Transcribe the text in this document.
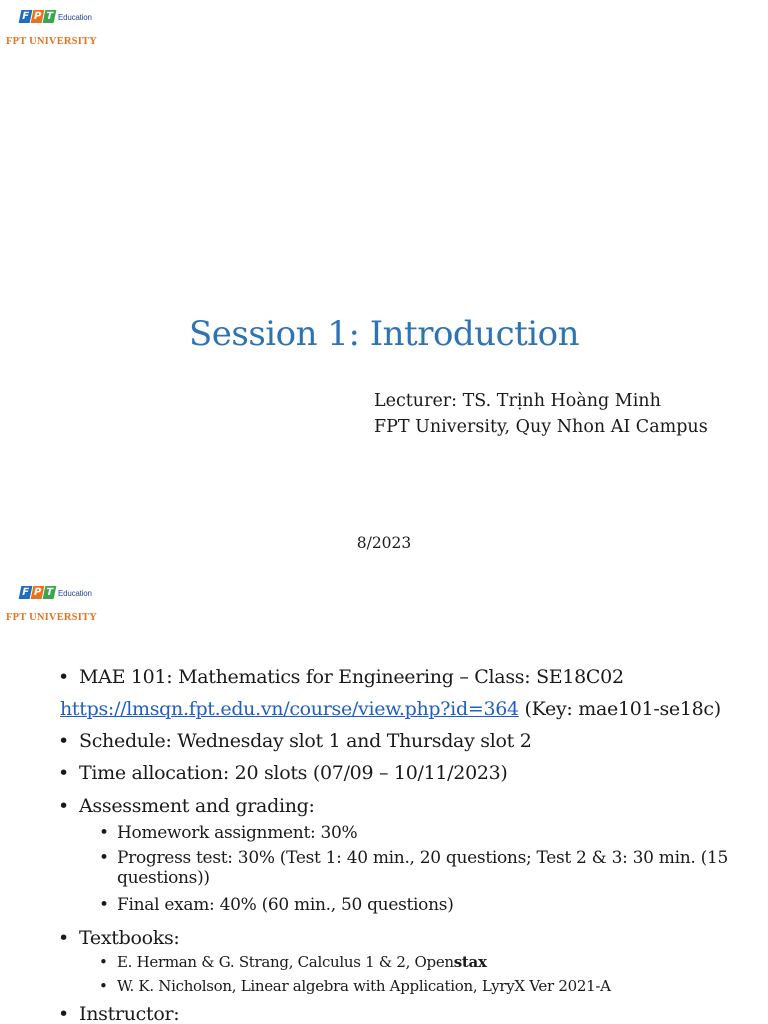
F P T Education
FPT UNIVERSITY
Session 1: Introduction
Lecturer: TS. Trịnh Hoàng Minh
FPT University, Quy Nhon AI Campus
8/2023
F P T Education
FPT UNIVERSITY
• MAE 101: Mathematics for Engineering – Class: SE18C02
https://lmsqn.fpt.edu.vn/course/view.php?id=364 (Key: mae101-se18c)
• Schedule: Wednesday slot 1 and Thursday slot 2
• Time allocation: 20 slots (07/09 – 10/11/2023)
• Assessment and grading:
• Homework assignment: 30%
• Progress test: 30% (Test 1: 40 min., 20 questions; Test 2 & 3: 30 min. (15 questions))
• Final exam: 40% (60 min., 50 questions)
• Textbooks:
• E. Herman & G. Strang, Calculus 1 & 2, Openstax
• W. K. Nicholson, Linear algebra with Application, LyryX Ver 2021-A
• Instructor:
